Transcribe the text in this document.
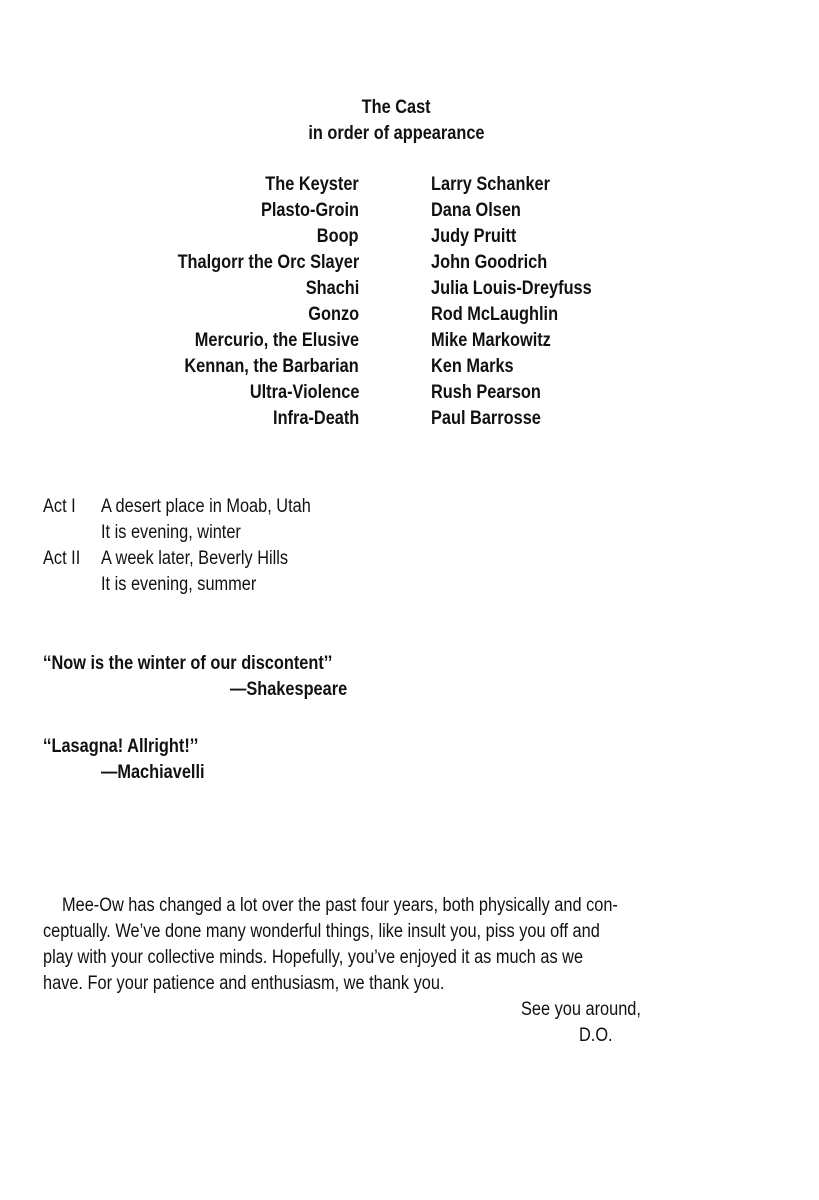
The Cast
in order of appearance
The Keyster	Larry Schanker
Plasto-Groin	Dana Olsen
Boop	Judy Pruitt
Thalgorr the Orc Slayer	John Goodrich
Shachi	Julia Louis-Dreyfuss
Gonzo	Rod McLaughlin
Mercurio, the Elusive	Mike Markowitz
Kennan, the Barbarian	Ken Marks
Ultra-Violence	Rush Pearson
Infra-Death	Paul Barrosse
Act I A desert place in Moab, Utah
It is evening, winter
Act II	A week later, Beverly Hills
It is evening, summer
‘‘Now is the winter of our discontent’’
—Shakespeare
‘‘Lasagna! Allright!’’
—Machiavelli
Mee-Ow has changed a lot over the past four years, both physically and con-
ceptually. We’ve done many wonderful things, like insult you, piss you off and
play with your collective minds. Hopefully, you’ve enjoyed it as much as we
have. For your patience and enthusiasm, we thank you.
See you around,
D.O.
